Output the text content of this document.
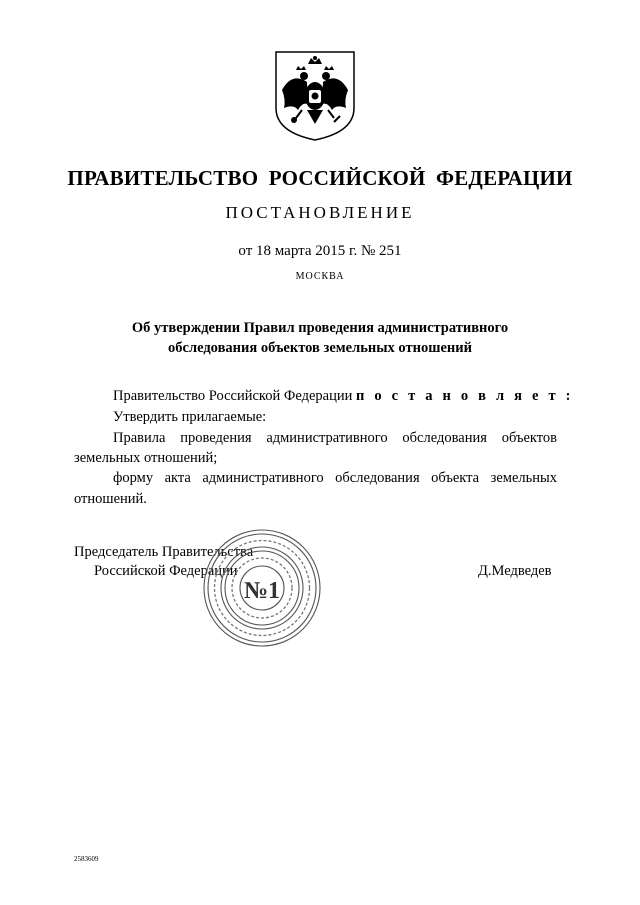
ПРАВИТЕЛЬСТВО РОССИЙСКОЙ ФЕДЕРАЦИИ
ПОСТАНОВЛЕНИЕ
от 18 марта 2015 г. № 251
МОСКВА
Об утверждении Правил проведения административного
обследования объектов земельных отношений
Правительство Российской Федерации п о с т а н о в л я е т :
Утвердить прилагаемые:
Правила проведения административного обследования объектов
земельных отношений;
форму акта административного обследования объекта земельных
отношений.
Председатель Правительства
Российской Федерации	Д.Медведев
№1
2583609
